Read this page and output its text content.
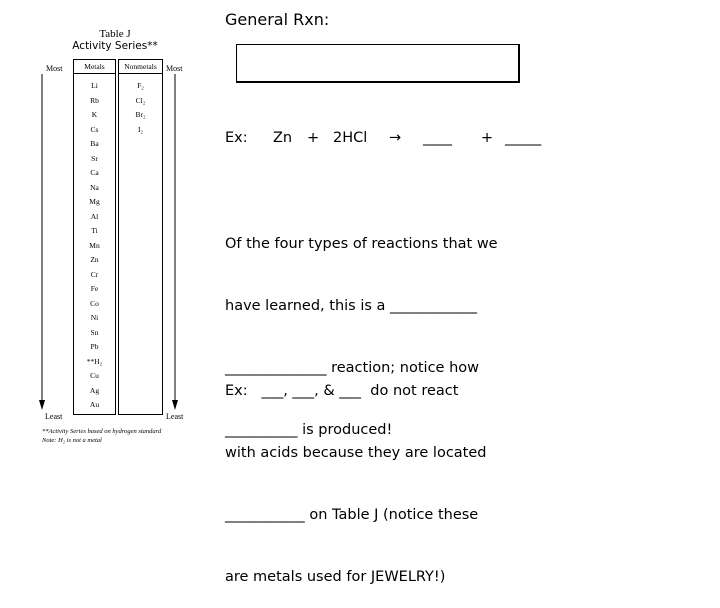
Table J
Activity Series**
Most	Most
Least	Least
Metals
Li
Rb
K
Cs
Ba
Sr
Ca
Na
Mg
Al
Ti
Mn
Zn
Cr
Fe
Co
Ni
Sn
Pb
**H₂
Cu
Ag
Au
Nonmetals
F₂
Cl₂
Br₂
I₂
**Activity Series based on hydrogen standard
Note: H₂ is not a metal
General Rxn:
Ex: Zn + 2HCl → ____ + _____

Of the four types of reactions that we

have learned, this is a ____________

______________ reaction; notice how

__________ is produced!

Ex:   ___, ___, & ___  do not react

with acids because they are located

___________ on Table J (notice these

are metals used for JEWELRY!)
